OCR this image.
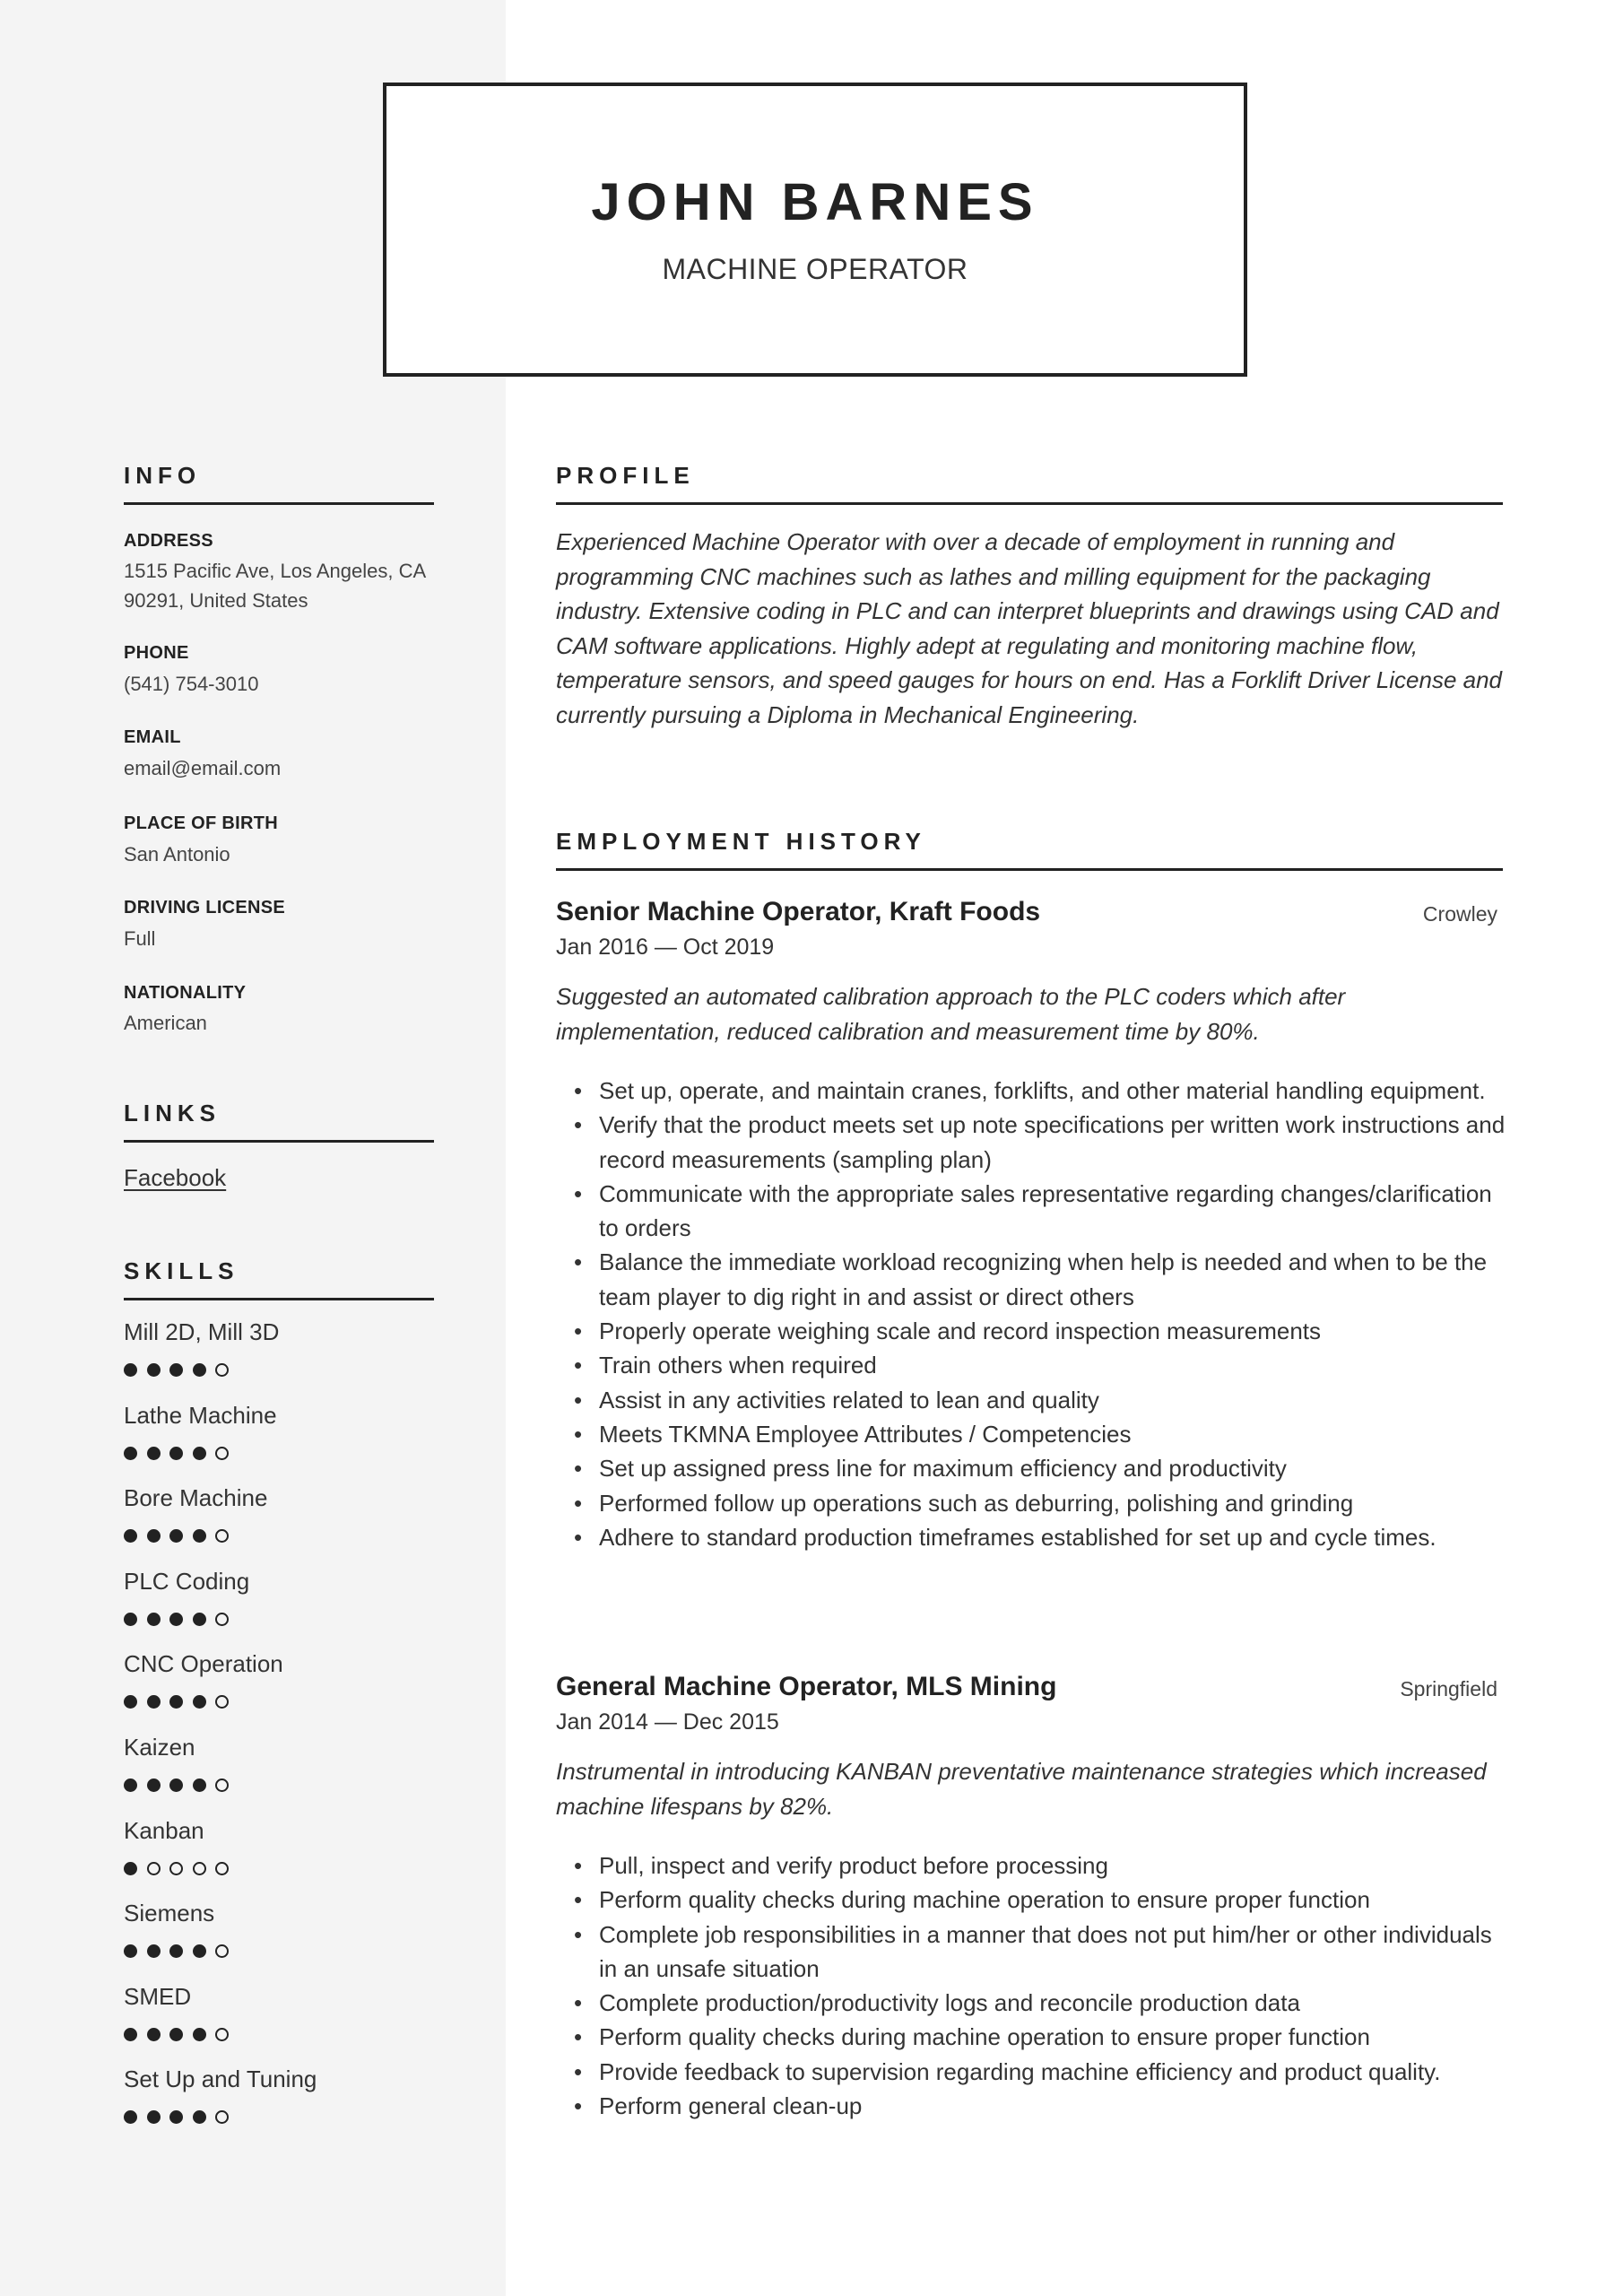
JOHN BARNES
MACHINE OPERATOR
INFO
ADDRESS
1515 Pacific Ave, Los Angeles, CA 90291, United States
PHONE
(541) 754-3010
EMAIL
email@email.com
PLACE OF BIRTH
San Antonio
DRIVING LICENSE
Full
NATIONALITY
American
LINKS
Facebook
SKILLS
Mill 2D, Mill 3D
Lathe Machine
Bore Machine
PLC Coding
CNC Operation
Kaizen
Kanban
Siemens
SMED
Set Up and Tuning
PROFILE
Experienced Machine Operator with over a decade of employment in running and programming CNC machines such as lathes and milling equipment for the packaging industry. Extensive coding in PLC and can interpret blueprints and drawings using CAD and CAM software applications. Highly adept at regulating and monitoring machine flow, temperature sensors, and speed gauges for hours on end. Has a Forklift Driver License and currently pursuing a Diploma in Mechanical Engineering.
EMPLOYMENT HISTORY
Senior Machine Operator, Kraft Foods	Crowley
Jan 2016 — Oct 2019
Suggested an automated calibration approach to the PLC coders which after implementation, reduced calibration and measurement time by 80%.
• Set up, operate, and maintain cranes, forklifts, and other material handling equipment.
• Verify that the product meets set up note specifications per written work instructions and record measurements (sampling plan)
• Communicate with the appropriate sales representative regarding changes/clarification to orders
• Balance the immediate workload recognizing when help is needed and when to be the team player to dig right in and assist or direct others
• Properly operate weighing scale and record inspection measurements
• Train others when required
• Assist in any activities related to lean and quality
• Meets TKMNA Employee Attributes / Competencies
• Set up assigned press line for maximum efficiency and productivity
• Performed follow up operations such as deburring, polishing and grinding
• Adhere to standard production timeframes established for set up and cycle times.
General Machine Operator, MLS Mining	Springfield
Jan 2014 — Dec 2015
Instrumental in introducing KANBAN preventative maintenance strategies which increased machine lifespans by 82%.
• Pull, inspect and verify product before processing
• Perform quality checks during machine operation to ensure proper function
• Complete job responsibilities in a manner that does not put him/her or other individuals in an unsafe situation
• Complete production/productivity logs and reconcile production data
• Perform quality checks during machine operation to ensure proper function
• Provide feedback to supervision regarding machine efficiency and product quality.
• Perform general clean-up
